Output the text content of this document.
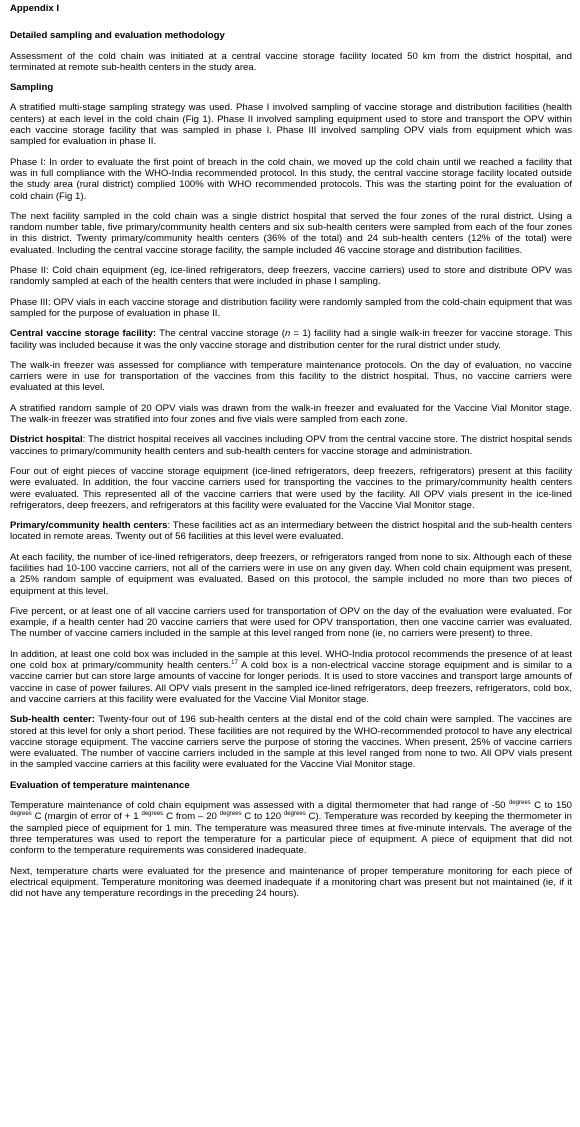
Appendix I
Detailed sampling and evaluation methodology

Assessment of the cold chain was initiated at a central vaccine storage facility located 50 km from the district hospital, and terminated at remote sub-health centers in the study area.

Sampling

A stratified multi-stage sampling strategy was used. Phase I involved sampling of vaccine storage and distribution facilities (health centers) at each level in the cold chain (Fig 1). Phase II involved sampling equipment used to store and transport the OPV within each vaccine storage facility that was sampled in phase I. Phase III involved sampling OPV vials from equipment which was sampled for evaluation in phase II.

Phase I: In order to evaluate the first point of breach in the cold chain, we moved up the cold chain until we reached a facility that was in full compliance with the WHO-India recommended protocol. In this study, the central vaccine storage facility located outside the study area (rural district) complied 100% with WHO recommended protocols. This was the starting point for the evaluation of cold chain (Fig 1).

The next facility sampled in the cold chain was a single district hospital that served the four zones of the rural district. Using a random number table, five primary/community health centers and six sub-health centers were sampled from each of the four zones in this district. Twenty primary/community health centers (36% of the total) and 24 sub-health centers (12% of the total) were evaluated. Including the central vaccine storage facility, the sample included 46 vaccine storage and distribution facilities.

Phase II: Cold chain equipment (eg, ice-lined refrigerators, deep freezers, vaccine carriers) used to store and distribute OPV was randomly sampled at each of the health centers that were included in phase I sampling.

Phase III: OPV vials in each vaccine storage and distribution facility were randomly sampled from the cold-chain equipment that was sampled for the purpose of evaluation in phase II.

Central vaccine storage facility: The central vaccine storage (n = 1) facility had a single walk-in freezer for vaccine storage. This facility was included because it was the only vaccine storage and distribution center for the rural district under study.

The walk-in freezer was assessed for compliance with temperature maintenance protocols. On the day of evaluation, no vaccine carriers were in use for transportation of the vaccines from this facility to the district hospital. Thus, no vaccine carriers were evaluated at this level.

A stratified random sample of 20 OPV vials was drawn from the walk-in freezer and evaluated for the Vaccine Vial Monitor stage. The walk-in freezer was stratified into four zones and five vials were sampled from each zone.

District hospital: The district hospital receives all vaccines including OPV from the central vaccine store. The district hospital sends vaccines to primary/community health centers and sub-health centers for vaccine storage and administration.

Four out of eight pieces of vaccine storage equipment (ice-lined refrigerators, deep freezers, refrigerators) present at this facility were evaluated. In addition, the four vaccine carriers used for transporting the vaccines to the primary/community health centers were evaluated. This represented all of the vaccine carriers that were used by the facility. All OPV vials present in the ice-lined refrigerators, deep freezers, and refrigerators at this facility were evaluated for the Vaccine Vial Monitor stage.

Primary/community health centers: These facilities act as an intermediary between the district hospital and the sub-health centers located in remote areas. Twenty out of 56 facilities at this level were evaluated.

At each facility, the number of ice-lined refrigerators, deep freezers, or refrigerators ranged from none to six. Although each of these facilities had 10-100 vaccine carriers, not all of the carriers were in use on any given day. When cold chain equipment was present, a 25% random sample of equipment was evaluated. Based on this protocol, the sample included no more than two pieces of equipment at this level.

Five percent, or at least one of all vaccine carriers used for transportation of OPV on the day of the evaluation were evaluated. For example, if a health center had 20 vaccine carriers that were used for OPV transportation, then one vaccine carrier was evaluated. The number of vaccine carriers included in the sample at this level ranged from none (ie, no carriers were present) to three.

In addition, at least one cold box was included in the sample at this level. WHO-India protocol recommends the presence of at least one cold box at primary/community health centers.$^{17}$ A cold box is a non-electrical vaccine storage equipment and is similar to a vaccine carrier but can store large amounts of vaccine for longer periods. It is used to store vaccines and transport large amounts of vaccine in case of power failures. All OPV vials present in the sampled ice-lined refrigerators, deep freezers, refrigerators, cold box, and vaccine carriers at this facility were evaluated for the Vaccine Vial Monitor stage.

Sub-health center: Twenty-four out of 196 sub-health centers at the distal end of the cold chain were sampled. The vaccines are stored at this level for only a short period. These facilities are not required by the WHO-recommended protocol to have any electrical vaccine storage equipment. The vaccine carriers serve the purpose of storing the vaccines. When present, 25% of vaccine carriers were evaluated. The number of vaccine carriers included in the sample at this level ranged from none to two. All OPV vials present in the sampled vaccine carriers at this facility were evaluated for the Vaccine Vial Monitor stage.

Evaluation of temperature maintenance

Temperature maintenance of cold chain equipment was assessed with a digital thermometer that had range of -50 $^{degrees}$ C to 150 $^{degrees}$ C (margin of error of + 1 $^{degrees}$ C from – 20 $^{degrees}$ C to 120 $^{degrees}$ C). Temperature was recorded by keeping the thermometer in the sampled piece of equipment for 1 min. The temperature was measured three times at five-minute intervals. The average of the three temperatures was used to report the temperature for a particular piece of equipment. A piece of equipment that did not conform to the temperature requirements was considered inadequate.

Next, temperature charts were evaluated for the presence and maintenance of proper temperature monitoring for each piece of electrical equipment. Temperature monitoring was deemed inadequate if a monitoring chart was present but not maintained (ie, if it did not have any temperature recordings in the preceding 24 hours).
